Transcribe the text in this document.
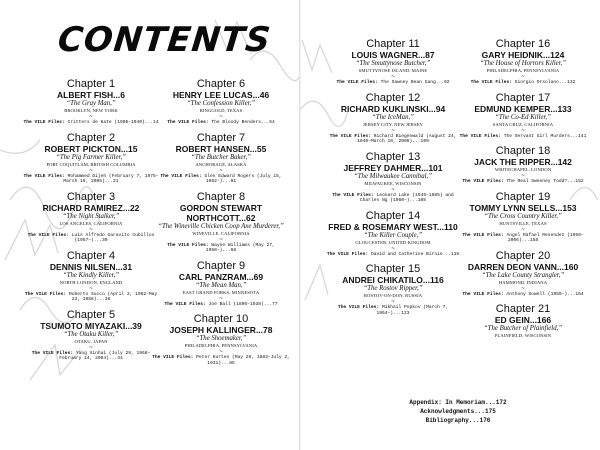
CONTENTS
Chapter 1
ALBERT FISH...6
“The Gray Man,”
BROOKLYN, NEW YORK
~
The VILE Files: Critters de Kate (1905–1940)...14
Chapter 2
ROBERT PICKTON...15
“The Pig Farmer Killer,”
PORT COQUITLAM, BRITISH COLUMBIA
~
The VILE Files: Mohammed Dijeh (February 7, 1975–March 16, 2005)...21
Chapter 3
RICHARD RAMIREZ...22
“The Night Stalker,”
LOS ANGELES, CALIFORNIA
~
The VILE Files: Luis Alfredo Garavito Cubillos (1957–)...30
Chapter 4
DENNIS NILSEN...31
“The Kindly Killer,”
NORTH LONDON, ENGLAND
~
The VILE Files: Roberto Succo (April 3, 1962–May 23, 1988)...38
Chapter 5
TSUMOTO MIYAZAKI...39
“The Otaku Killer,”
OTAKU, JAPAN
~
The VILE Files: Yang Xinhai (July 29, 1968–February 14, 2004)...44
Chapter 6
HENRY LEE LUCAS...46
“The Confession Killer,”
RINGGOLD, TEXAS
~
The VILE Files: The Bloody Benders...54
Chapter 7
ROBERT HANSEN...55
“The Butcher Baker,”
ANCHORAGE, ALASKA
~
The VILE Files: Glen Edward Rogers (July 15, 1962–)...61
Chapter 8
GORDON STEWART NORTHCOTT...62
“The Wineville Chicken Coop Axe Murderer,”
WINEVILLE, CALIFORNIA
~
The VILE Files: Wayne Williams (May 27, 1958–)...68
Chapter 9
CARL PANZRAM...69
“The Mean Man,”
EAST GRAND FORKS, MINNESOTA
~
The VILE Files: Joe Ball (1896–1938)...77
Chapter 10
JOSEPH KALLINGER...78
“The Shoemaker,”
PHILADELPHIA, PENNSYLVANIA
~
The VILE Files: Peter Kurten (May 26, 1883–July 2, 1931)...85
Chapter 11
LOUIS WAGNER...87
“The Smuttynose Butcher,”
SMUTTYNOSE ISLAND, MAINE
~
The VILE Files: The Sawney Bean Gang...92
Chapter 12
RICHARD KUKLINSKI...94
“The IceMan,”
JERSEY CITY, NEW JERSEY
~
The VILE Files: Richard Biegenwald (August 24, 1940–March 10, 2008)...100
Chapter 13
JEFFREY DAHMER...101
“The Milwaukee Cannibal,”
MILWAUKEE, WISCONSIN
~
The VILE Files: Leonard Lake (1945–1985) and Charles Ng (1960–)...108
Chapter 14
FRED & ROSEMARY WEST...110
“The Killer Couple,”
GLOUCESTER, UNITED KINGDOM
~
The VILE Files: David and Catherine Birnie...115
Chapter 15
ANDREI CHIKATILO...116
“The Rostov Ripper,”
ROSTOV-ON-DON, RUSSIA
~
The VILE Files: Mikhail Popkov (March 7, 1964–)...123
Chapter 16
GARY HEIDNIK...124
“The House of Horrors Killer,”
PHILADELPHIA, PENNSYLVANIA
~
The VILE Files: Giorgio Orsolano...132
Chapter 17
EDMUND KEMPER...133
“The Co-Ed Killer,”
SANTA CRUZ, CALIFORNIA
~
The VILE Files: The Servant Girl Murders...141
Chapter 18
JACK THE RIPPER...142
WHITECHAPEL, LONDON
~
The VILE Files: The Real Sweeney Todd?...152
Chapter 19
TOMMY LYNN SELLS...153
“The Cross Country Killer,”
HUNTSVILLE, TEXAS
~
The VILE Files: Angel Rafael Resendez (1959–2006)...158
Chapter 20
DARREN DEON VANN...160
“The Lake County Strangler,”
HAMMOND, INDIANA
~
The VILE Files: Anthony Sowell (1959–)...164
Chapter 21
ED GEIN...166
“The Butcher of Plainfield,”
PLAINFIELD, WISCONSIN
Appendix: In Memoriam...172
Acknowledgments...175
Bibliography...176
